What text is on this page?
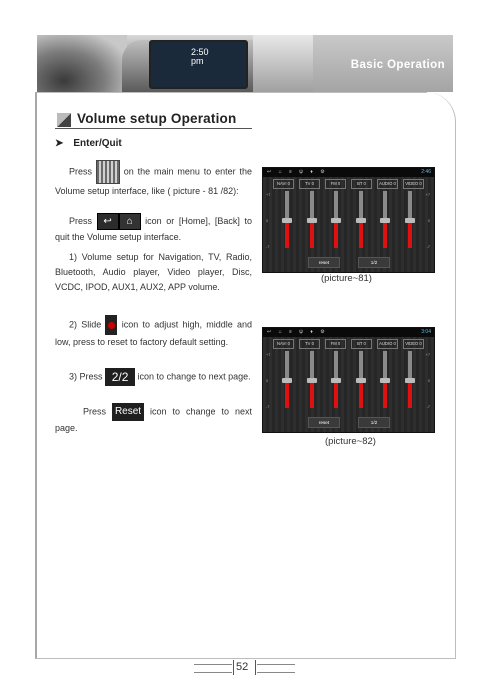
2:50
pm	Basic Operation
Volume setup Operation
➤ Enter/Quit
Press	on the main menu to enter the Volume setup interface, like ( picture - 81 /82):
Press ↩ ⌂ icon or [Home], [Back] to quit the Volume setup interface.
1) Volume setup for Navigation, TV, Radio, Bluetooth, Audio player, Video player, Disc, VCDC, IPOD, AUX1, AUX2, APP volume.
2) Slide icon to adjust high, middle and low, press to reset to factory default setting.
3) Press 2/2 icon to change to next page.
Press Reset icon to change to next page.
↩ ⌂ ≡ ψ ♦ ⚙	2:46
NAVI 0	TV 0	FM 0	BT 0	AUDIO 0	VIDEO 0
+7
0
-7
+7
0
-7
reset	1/2
(picture~81)
↩ ⌂ ≡ ψ ♦ ⚙	3:04
NAVI 0	TV 0	FM 0	BT 0	AUDIO 0	VIDEO 0
+7
0
-7
+7
0
-7
reset	1/2
(picture~82)
52
